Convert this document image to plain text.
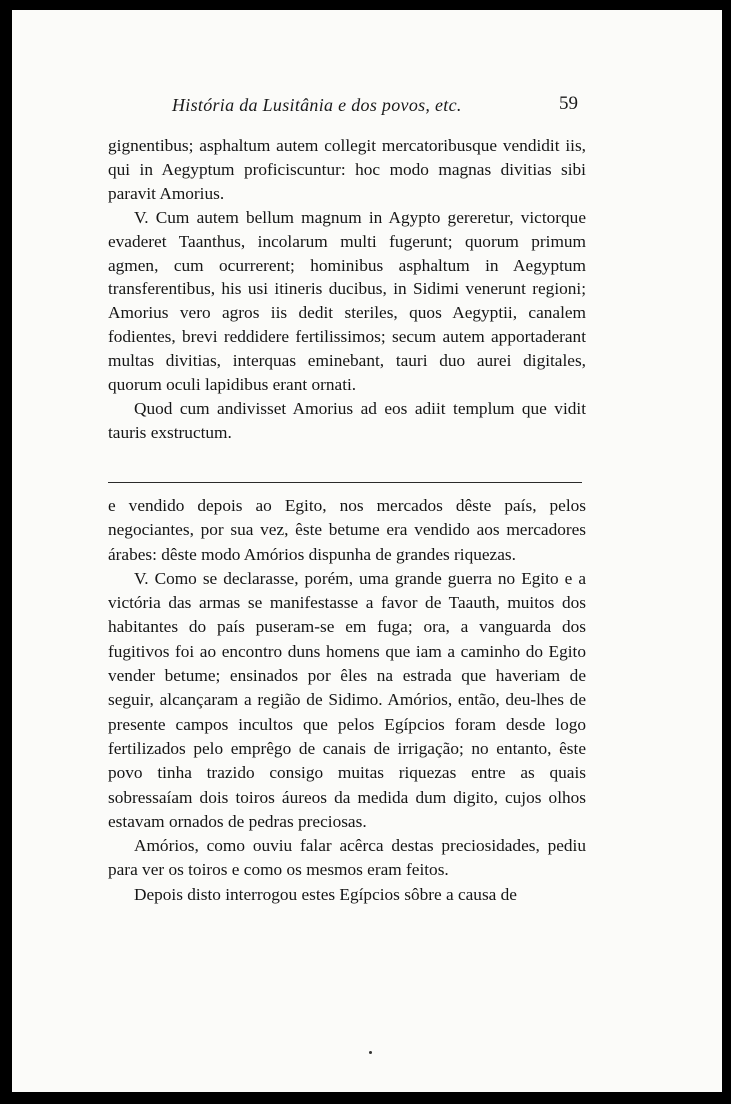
História da Lusitânia e dos povos, etc.	59

gignentibus; asphaltum autem collegit mercatoribusque vendidit iis, qui in Aegyptum proficiscuntur: hoc modo magnas divitias sibi paravit Amorius.

V. Cum autem bellum magnum in Agypto gereretur, victorque evaderet Taanthus, incolarum multi fugerunt; quorum primum agmen, cum ocurrerent; hominibus asphaltum in Aegyptum transferentibus, his usi itineris ducibus, in Sidimi venerunt regioni; Amorius vero agros iis dedit steriles, quos Aegyptii, canalem fodientes, brevi reddidere fertilissimos; secum autem apportaderant multas divitias, interquas eminebant, tauri duo aurei digitales, quorum oculi lapidibus erant ornati.

Quod cum andivisset Amorius ad eos adiit templum que vidit tauris exstructum.

e vendido depois ao Egito, nos mercados dêste país, pelos negociantes, por sua vez, êste betume era vendido aos mercadores árabes: dêste modo Amórios dispunha de grandes riquezas.

V. Como se declarasse, porém, uma grande guerra no Egito e a victória das armas se manifestasse a favor de Taauth, muitos dos habitantes do país puseram-se em fuga; ora, a vanguarda dos fugitivos foi ao encontro duns homens que iam a caminho do Egito vender betume; ensinados por êles na estrada que haveriam de seguir, alcançaram a região de Sidimo. Amórios, então, deu-lhes de presente campos incultos que pelos Egípcios foram desde logo fertilizados pelo emprêgo de canais de irrigação; no entanto, êste povo tinha trazido consigo muitas riquezas entre as quais sobressaíam dois toiros áureos da medida dum digito, cujos olhos estavam ornados de pedras preciosas.

Amórios, como ouviu falar acêrca destas preciosidades, pediu para ver os toiros e como os mesmos eram feitos.

Depois disto interrogou estes Egípcios sôbre a causa de
